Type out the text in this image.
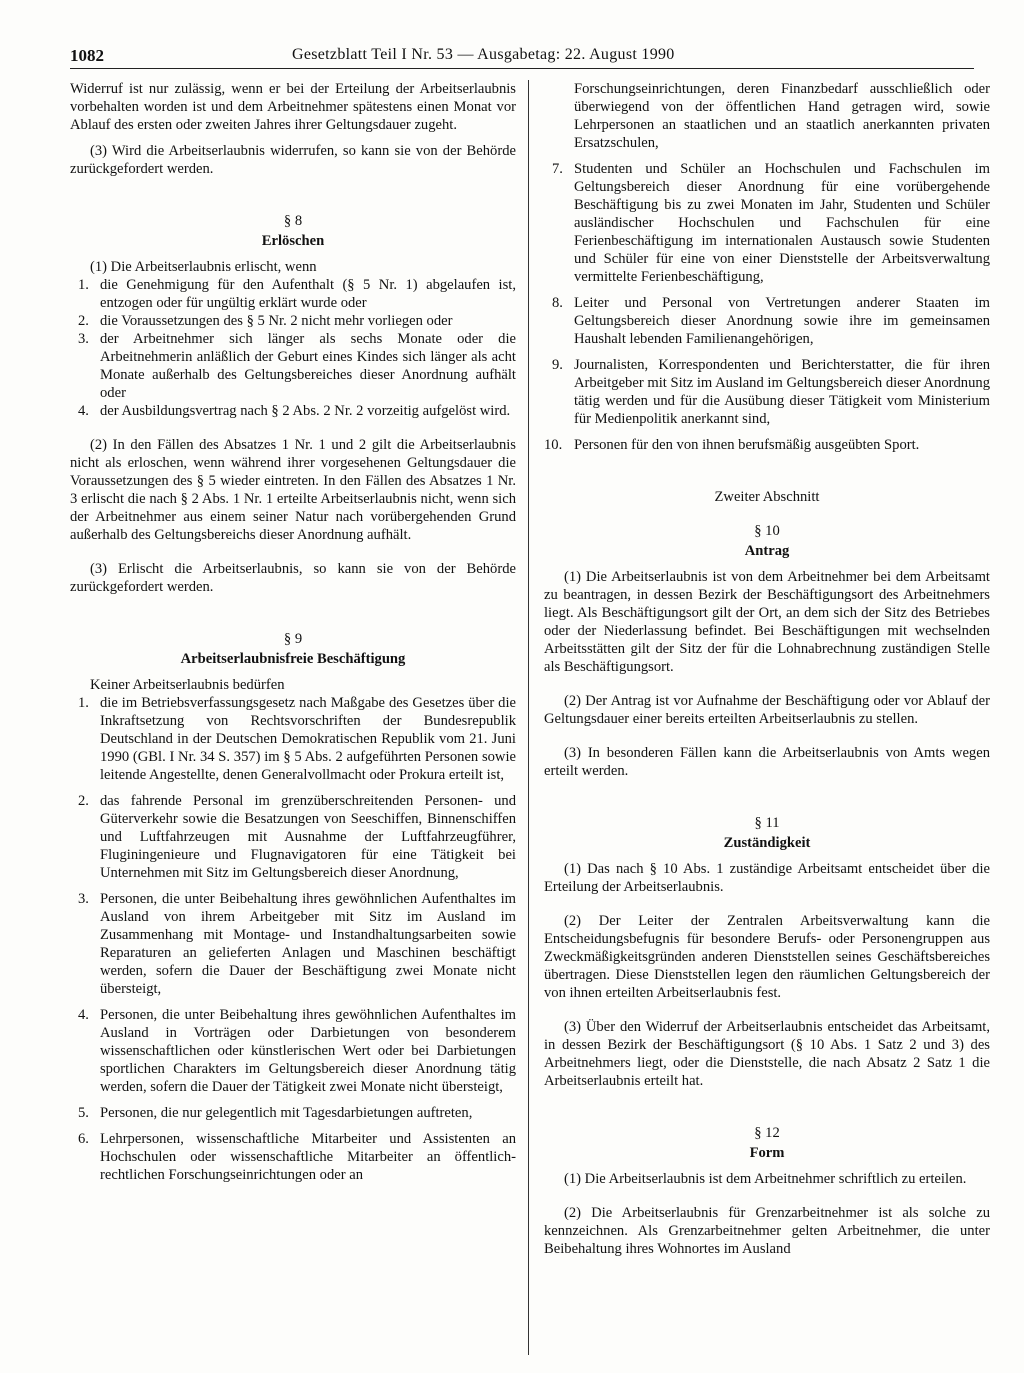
1082	Gesetzblatt Teil I Nr. 53 — Ausgabetag: 22. August 1990

Widerruf ist nur zulässig, wenn er bei der Erteilung der Arbeitserlaubnis vorbehalten worden ist und dem Arbeitnehmer spätestens einen Monat vor Ablauf des ersten oder zweiten Jahres ihrer Geltungsdauer zugeht.

(3) Wird die Arbeitserlaubnis widerrufen, so kann sie von der Behörde zurückgefordert werden.

§ 8

Erlöschen

(1) Die Arbeitserlaubnis erlischt, wenn

1. die Genehmigung für den Aufenthalt (§ 5 Nr. 1) abgelaufen ist, entzogen oder für ungültig erklärt wurde oder
2. die Voraussetzungen des § 5 Nr. 2 nicht mehr vorliegen oder
3. der Arbeitnehmer sich länger als sechs Monate oder die Arbeitnehmerin anläßlich der Geburt eines Kindes sich länger als acht Monate außerhalb des Geltungsbereiches dieser Anordnung aufhält oder
4. der Ausbildungsvertrag nach § 2 Abs. 2 Nr. 2 vorzeitig aufgelöst wird.

(2) In den Fällen des Absatzes 1 Nr. 1 und 2 gilt die Arbeitserlaubnis nicht als erloschen, wenn während ihrer vorgesehenen Geltungsdauer die Voraussetzungen des § 5 wieder eintreten. In den Fällen des Absatzes 1 Nr. 3 erlischt die nach § 2 Abs. 1 Nr. 1 erteilte Arbeitserlaubnis nicht, wenn sich der Arbeitnehmer aus einem seiner Natur nach vorübergehenden Grund außerhalb des Geltungsbereichs dieser Anordnung aufhält.

(3) Erlischt die Arbeitserlaubnis, so kann sie von der Behörde zurückgefordert werden.

§ 9

Arbeitserlaubnisfreie Beschäftigung

Keiner Arbeitserlaubnis bedürfen

1. die im Betriebsverfassungsgesetz nach Maßgabe des Gesetzes über die Inkraftsetzung von Rechtsvorschriften der Bundesrepublik Deutschland in der Deutschen Demokratischen Republik vom 21. Juni 1990 (GBl. I Nr. 34 S. 357) im § 5 Abs. 2 aufgeführten Personen sowie leitende Angestellte, denen Generalvollmacht oder Prokura erteilt ist,
2. das fahrende Personal im grenzüberschreitenden Personen- und Güterverkehr sowie die Besatzungen von Seeschiffen, Binnenschiffen und Luftfahrzeugen mit Ausnahme der Luftfahrzeugführer, Fluginingenieure und Flugnavigatoren für eine Tätigkeit bei Unternehmen mit Sitz im Geltungsbereich dieser Anordnung,
3. Personen, die unter Beibehaltung ihres gewöhnlichen Aufenthaltes im Ausland von ihrem Arbeitgeber mit Sitz im Ausland im Zusammenhang mit Montage- und Instandhaltungsarbeiten sowie Reparaturen an gelieferten Anlagen und Maschinen beschäftigt werden, sofern die Dauer der Beschäftigung zwei Monate nicht übersteigt,
4. Personen, die unter Beibehaltung ihres gewöhnlichen Aufenthaltes im Ausland in Vorträgen oder Darbietungen von besonderem wissenschaftlichen oder künstlerischen Wert oder bei Darbietungen sportlichen Charakters im Geltungsbereich dieser Anordnung tätig werden, sofern die Dauer der Tätigkeit zwei Monate nicht übersteigt,
5. Personen, die nur gelegentlich mit Tagesdarbietungen auftreten,
6. Lehrpersonen, wissenschaftliche Mitarbeiter und Assistenten an Hochschulen oder wissenschaftliche Mitarbeiter an öffentlich-rechtlichen Forschungseinrichtungen oder an

Forschungseinrichtungen, deren Finanzbedarf ausschließlich oder überwiegend von der öffentlichen Hand getragen wird, sowie Lehrpersonen an staatlichen und an staatlich anerkannten privaten Ersatzschulen,

7. Studenten und Schüler an Hochschulen und Fachschulen im Geltungsbereich dieser Anordnung für eine vorübergehende Beschäftigung bis zu zwei Monaten im Jahr, Studenten und Schüler ausländischer Hochschulen und Fachschulen für eine Ferienbeschäftigung im internationalen Austausch sowie Studenten und Schüler für eine von einer Dienststelle der Arbeitsverwaltung vermittelte Ferienbeschäftigung,
8. Leiter und Personal von Vertretungen anderer Staaten im Geltungsbereich dieser Anordnung sowie ihre im gemeinsamen Haushalt lebenden Familienangehörigen,
9. Journalisten, Korrespondenten und Berichterstatter, die für ihren Arbeitgeber mit Sitz im Ausland im Geltungsbereich dieser Anordnung tätig werden und für die Ausübung dieser Tätigkeit vom Ministerium für Medienpolitik anerkannt sind,
10. Personen für den von ihnen berufsmäßig ausgeübten Sport.

Zweiter Abschnitt

§ 10

Antrag

(1) Die Arbeitserlaubnis ist von dem Arbeitnehmer bei dem Arbeitsamt zu beantragen, in dessen Bezirk der Beschäftigungsort des Arbeitnehmers liegt. Als Beschäftigungsort gilt der Ort, an dem sich der Sitz des Betriebes oder der Niederlassung befindet. Bei Beschäftigungen mit wechselnden Arbeitsstätten gilt der Sitz der für die Lohnabrechnung zuständigen Stelle als Beschäftigungsort.

(2) Der Antrag ist vor Aufnahme der Beschäftigung oder vor Ablauf der Geltungsdauer einer bereits erteilten Arbeitserlaubnis zu stellen.

(3) In besonderen Fällen kann die Arbeitserlaubnis von Amts wegen erteilt werden.

§ 11

Zuständigkeit

(1) Das nach § 10 Abs. 1 zuständige Arbeitsamt entscheidet über die Erteilung der Arbeitserlaubnis.

(2) Der Leiter der Zentralen Arbeitsverwaltung kann die Entscheidungsbefugnis für besondere Berufs- oder Personengruppen aus Zweckmäßigkeitsgründen anderen Dienststellen seines Geschäftsbereiches übertragen. Diese Dienststellen legen den räumlichen Geltungsbereich der von ihnen erteilten Arbeitserlaubnis fest.

(3) Über den Widerruf der Arbeitserlaubnis entscheidet das Arbeitsamt, in dessen Bezirk der Beschäftigungsort (§ 10 Abs. 1 Satz 2 und 3) des Arbeitnehmers liegt, oder die Dienststelle, die nach Absatz 2 Satz 1 die Arbeitserlaubnis erteilt hat.

§ 12

Form

(1) Die Arbeitserlaubnis ist dem Arbeitnehmer schriftlich zu erteilen.

(2) Die Arbeitserlaubnis für Grenzarbeitnehmer ist als solche zu kennzeichnen. Als Grenzarbeitnehmer gelten Arbeitnehmer, die unter Beibehaltung ihres Wohnortes im Ausland
